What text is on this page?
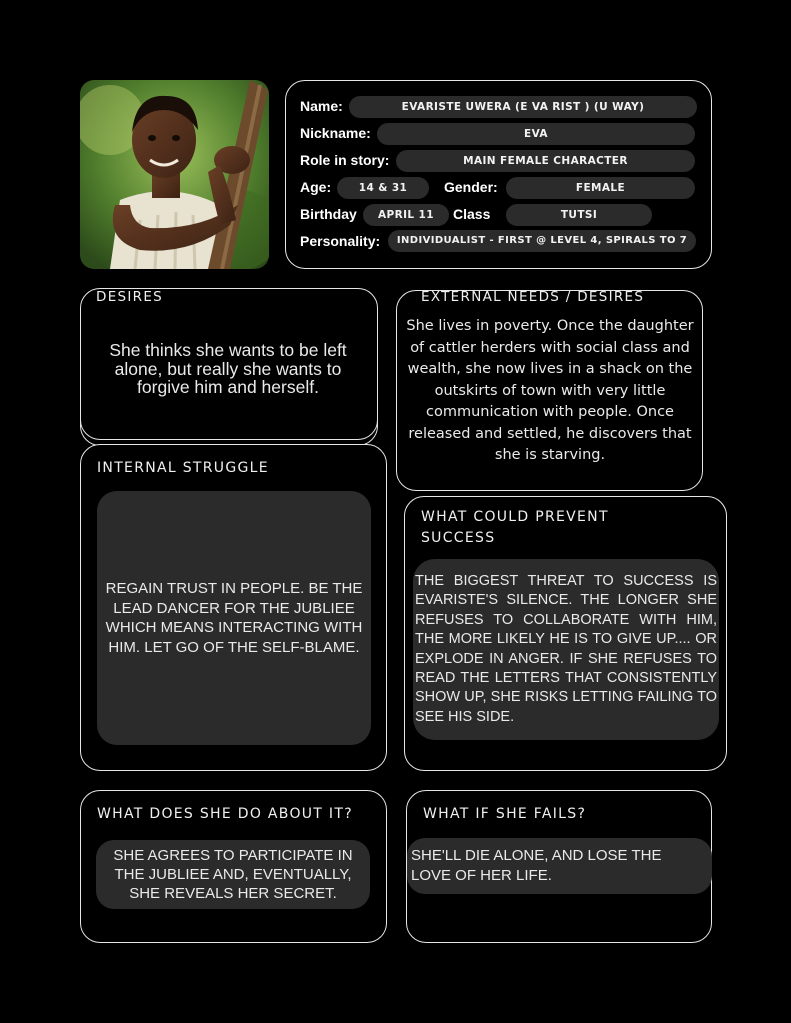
Name:	EVARISTE UWERA (E VA RIST ) (U WAY)
Nickname:	EVA
Role in story:	MAIN FEMALE CHARACTER
Age:	14 & 31	Gender:	FEMALE
Birthday	APRIL 11	Class	TUTSI
Personality:	INDIVIDUALIST - FIRST @ LEVEL 4, SPIRALS TO 7
DESIRES
She thinks she wants to be left alone, but really she wants to forgive him and herself.
EXTERNAL NEEDS / DESIRES
She lives in poverty. Once the daughter of cattler herders with social class and wealth, she now lives in a shack on the outskirts of town with very little communication with people. Once released and settled, he discovers that she is starving.
INTERNAL STRUGGLE
REGAIN TRUST IN PEOPLE. BE THE LEAD DANCER FOR THE JUBLIEE WHICH MEANS INTERACTING WITH HIM. LET GO OF THE SELF-BLAME.
WHAT COULD PREVENT
SUCCESS
THE BIGGEST THREAT TO SUCCESS IS EVARISTE'S SILENCE. THE LONGER SHE REFUSES TO COLLABORATE WITH HIM, THE MORE LIKELY HE IS TO GIVE UP.... OR EXPLODE IN ANGER. IF SHE REFUSES TO READ THE LETTERS THAT CONSISTENTLY SHOW UP, SHE RISKS LETTING FAILING TO SEE HIS SIDE.
WHAT DOES SHE DO ABOUT IT?
SHE AGREES TO PARTICIPATE IN THE JUBLIEE AND, EVENTUALLY, SHE REVEALS HER SECRET.
WHAT IF SHE FAILS?
SHE'LL DIE ALONE, AND LOSE THE LOVE OF HER LIFE.
